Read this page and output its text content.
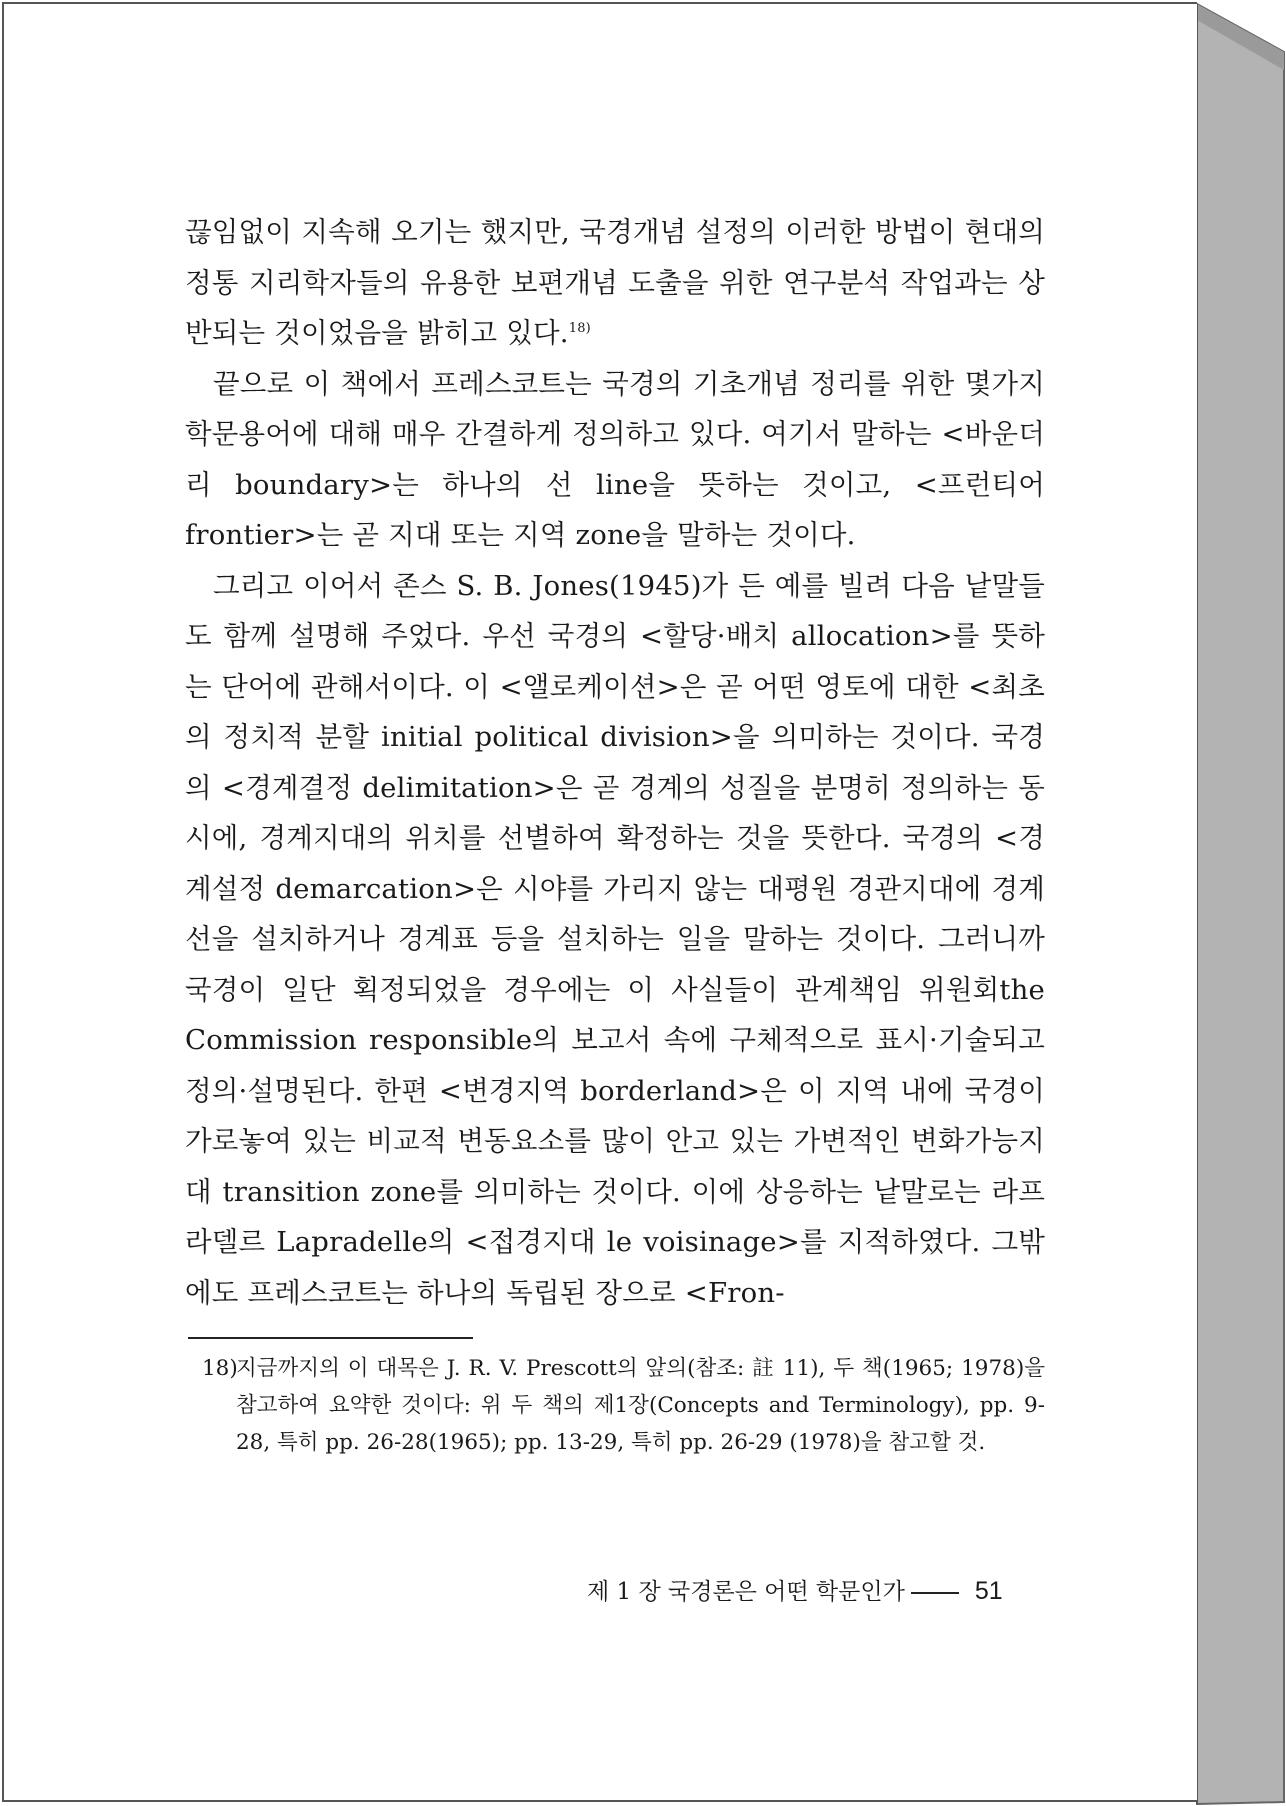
끊임없이 지속해 오기는 했지만, 국경개념 설정의 이러한 방법이 현대의 정통 지리학자들의 유용한 보편개념 도출을 위한 연구분석 작업과는 상반되는 것이었음을 밝히고 있다.$^{18)}$
끝으로 이 책에서 프레스코트는 국경의 기초개념 정리를 위한 몇가지 학문용어에 대해 매우 간결하게 정의하고 있다. 여기서 말하는 <바운더리 boundary>는 하나의 선 line을 뜻하는 것이고, <프런티어 frontier>는 곧 지대 또는 지역 zone을 말하는 것이다.
그리고 이어서 존스 S. B. Jones(1945)가 든 예를 빌려 다음 낱말들도 함께 설명해 주었다. 우선 국경의 <할당·배치 allocation>를 뜻하는 단어에 관해서이다. 이 <앨로케이션>은 곧 어떤 영토에 대한 <최초의 정치적 분할 initial political division>을 의미하는 것이다. 국경의 <경계결정 delimitation>은 곧 경계의 성질을 분명히 정의하는 동시에, 경계지대의 위치를 선별하여 확정하는 것을 뜻한다. 국경의 <경계설정 demarcation>은 시야를 가리지 않는 대평원 경관지대에 경계선을 설치하거나 경계표 등을 설치하는 일을 말하는 것이다. 그러니까 국경이 일단 획정되었을 경우에는 이 사실들이 관계책임 위원회the Commission responsible의 보고서 속에 구체적으로 표시·기술되고 정의·설명된다. 한편 <변경지역 borderland>은 이 지역 내에 국경이 가로놓여 있는 비교적 변동요소를 많이 안고 있는 가변적인 변화가능지대 transition zone를 의미하는 것이다. 이에 상응하는 낱말로는 라프라델르 Lapradelle의 <접경지대 le voisinage>를 지적하였다. 그밖에도 프레스코트는 하나의 독립된 장으로 <Fron-
18)
지금까지의 이 대목은 J. R. V. Prescott의 앞의(참조: 註 11), 두 책(1965; 1978)을 참고하여 요약한 것이다: 위 두 책의 제1장(Concepts and Terminology), pp. 9-28, 특히 pp. 26-28(1965); pp. 13-29, 특히 pp. 26-29 (1978)을 참고할 것.
제 1 장 국경론은 어떤 학문인가	51
